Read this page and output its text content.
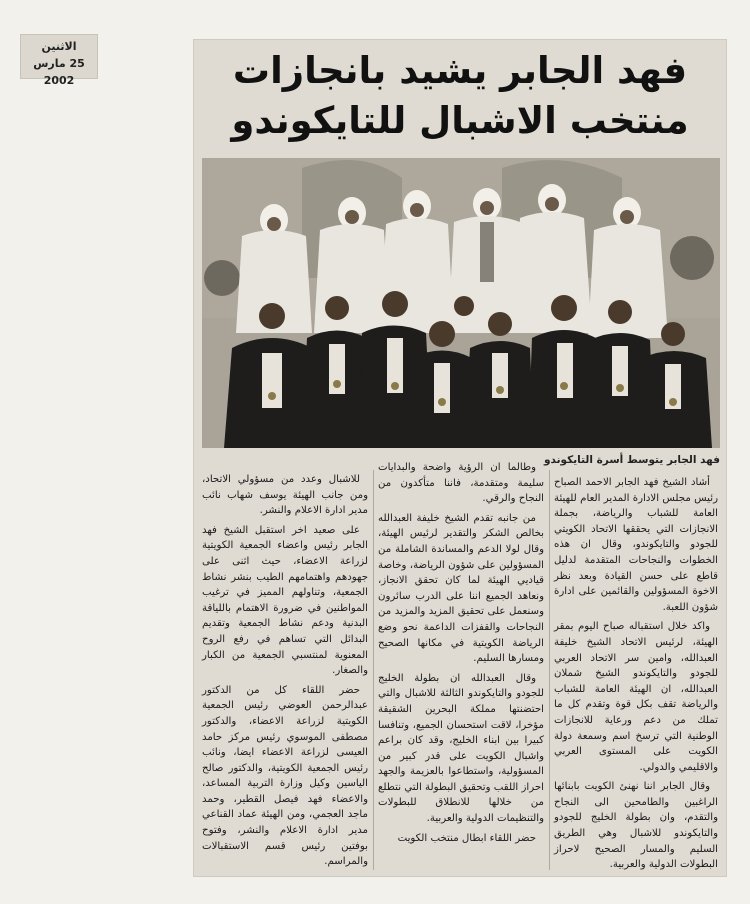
الاثنين
25 مارس 2002	فهد الجابر يشيد بانجازات
منتخب الاشبال للتايكوندو
فهد الجابر يتوسط أسرة التايكوندو

أشاد الشيخ فهد الجابر الاحمد الصباح رئيس مجلس الادارة المدير العام للهيئة العامة للشباب والرياضة، بجملة الانجازات التي يحققها الاتحاد الكويتي للجودو والتايكوندو، وقال ان هذه الخطوات والنجاحات المتقدمة لدليل قاطع على حسن القيادة وبعد نظر الاخوة المسؤولين والقائمين على ادارة شؤون اللعبة.

واكد خلال استقباله صباح اليوم بمقر الهيئة، لرئيس الاتحاد الشيخ خليفة العبدالله، وامين سر الاتحاد العربي للجودو والتايكوندو الشيخ شملان العبدالله، ان الهيئة العامة للشباب والرياضة تقف بكل قوة وتقدم كل ما تملك من دعم ورعاية للانجازات الوطنية التي ترسخ اسم وسمعة دولة الكويت على المستوى العربي والاقليمي والدولي.

وقال الجابر اننا نهنئ الكويت بابنائها الراغبين والطامحين الى النجاح والتقدم، وان بطولة الخليج للجودو والتايكوندو للاشبال وهي الطريق السليم والمسار الصحيح لاحراز البطولات الدولية والعربية.

وطالما ان الرؤية واضحة والبدايات سليمة ومتقدمة، فاننا متأكدون من النجاح والرقي.

من جانبه تقدم الشيخ خليفة العبدالله بخالص الشكر والتقدير لرئيس الهيئة، وقال لولا الدعم والمساندة الشاملة من المسؤولين على شؤون الرياضة، وخاصة قياديي الهيئة لما كان تحقق الانجاز، ونعاهد الجميع اننا على الدرب سائرون وسنعمل على تحقيق المزيد والمزيد من النجاحات والقفزات الداعمة نحو وضع الرياضة الكويتية في مكانها الصحيح ومسارها السليم.

وقال العبدالله ان بطولة الخليج للجودو والتايكوندو الثالثة للاشبال والتي احتضنتها مملكة البحرين الشقيقة مؤخرا، لاقت استحسان الجميع، وتنافسا كبيرا بين ابناء الخليج، وقد كان براعم واشبال الكويت على قدر كبير من المسؤولية، واستطاعوا بالعزيمة والجهد احراز اللقب وتحقيق البطولة التي نتطلع من خلالها للانطلاق للبطولات والتنظيمات الدولية والعربية.

حضر اللقاء ابطال منتخب الكويت

للاشبال وعدد من مسؤولي الاتحاد، ومن جانب الهيئة يوسف شهاب نائب مدير ادارة الاعلام والنشر.

على صعيد اخر استقبل الشيخ فهد الجابر رئيس واعضاء الجمعية الكويتية لزراعة الاعضاء، حيث اثنى على جهودهم واهتمامهم الطيب بنشر نشاط الجمعية، وتناولهم المميز في ترغيب المواطنين في ضرورة الاهتمام باللياقة البدنية ودعم نشاط الجمعية وتقديم البدائل التي تساهم في رفع الروح المعنوية لمنتسبي الجمعية من الكبار والصغار.

حضر اللقاء كل من الدكتور عبدالرحمن العوضي رئيس الجمعية الكويتية لزراعة الاعضاء، والدكتور مصطفى الموسوي رئيس مركز حامد العيسى لزراعة الاعضاء ايضا، ونائب رئيس الجمعية الكويتية، والدكتور صالح الياسين وكيل وزارة التربية المساعد، والاعضاء فهد فيصل القطير، وحمد ماجد العجمي، ومن الهيئة عماد القناعي مدير ادارة الاعلام والنشر، وفتوح بوفتين رئيس قسم الاستقبالات والمراسم.
